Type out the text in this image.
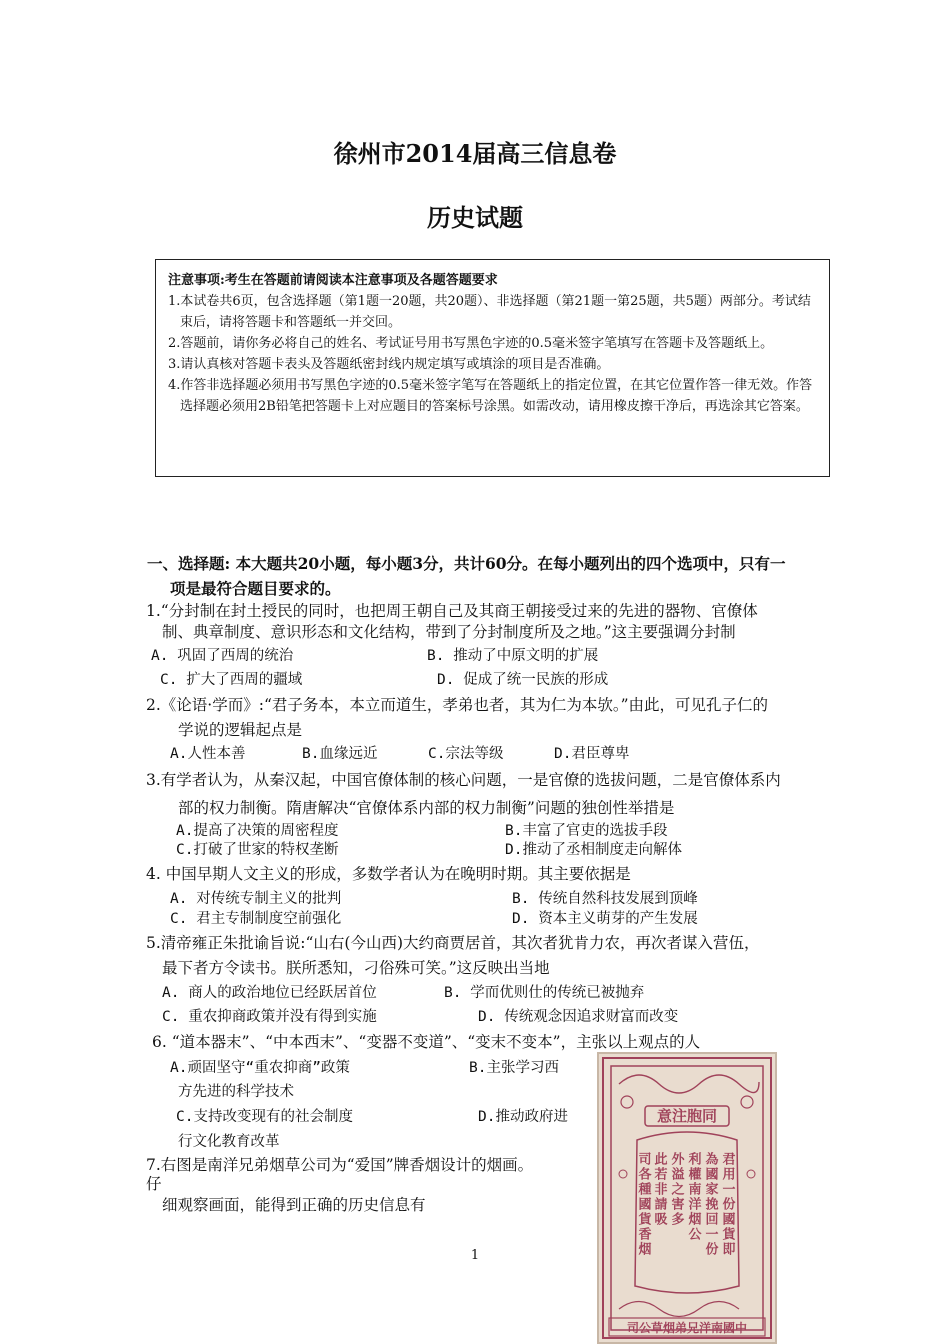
徐州市2014届高三信息卷
历史试题
注意事项:考生在答题前请阅读本注意事项及各题答题要求
1.本试卷共6页，包含选择题（第1题一20题，共20题）、非选择题（第21题一第25题，共5题）两部分。考试结束后，请将答题卡和答题纸一并交回。
2.答题前，请你务必将自己的姓名、考试证号用书写黑色字迹的0.5毫米签字笔填写在答题卡及答题纸上。
3.请认真核对答题卡表头及答题纸密封线内规定填写或填涂的项目是否准确。
4.作答非选择题必须用书写黑色字迹的0.5毫米签字笔写在答题纸上的指定位置，在其它位置作答一律无效。作答选择题必须用2B铅笔把答题卡上对应题目的答案标号涂黑。如需改动，请用橡皮擦干净后，再选涂其它答案。
一、选择题: 本大题共20小题，每小题3分，共计60分。在每小题列出的四个选项中，只有一
项是最符合题目要求的。
1.“分封制在封土授民的同时，也把周王朝自己及其商王朝接受过来的先进的器物、官僚体
制、典章制度、意识形态和文化结构，带到了分封制度所及之地。”这主要强调分封制
A. 巩固了西周的统治	B. 推动了中原文明的扩展
C. 扩大了西周的疆域	D. 促成了统一民族的形成
2.《论语·学而》:“君子务本，本立而道生，孝弟也者，其为仁为本欤。”由此，可见孔子仁的
学说的逻辑起点是
A.人性本善	B.血缘远近	C.宗法等级	D.君臣尊卑
3.有学者认为，从秦汉起，中国官僚体制的核心问题，一是官僚的选拔问题，二是官僚体系内
部的权力制衡。隋唐解决“官僚体系内部的权力制衡”问题的独创性举措是
A.提高了决策的周密程度	B.丰富了官吏的选拔手段
C.打破了世家的特权垄断	D.推动了丞相制度走向解体
4. 中国早期人文主义的形成，多数学者认为在晚明时期。其主要依据是
A. 对传统专制主义的批判	B. 传统自然科技发展到顶峰
C. 君主专制制度空前强化	D. 资本主义萌芽的产生发展
5.清帝雍正朱批谕旨说:“山右(今山西)大约商贾居首，其次者犹肯力农，再次者谋入营伍，
最下者方令读书。朕所悉知，刁俗殊可笑。”这反映出当地
A. 商人的政治地位已经跃居首位	B. 学而优则仕的传统已被抛弃
C. 重农抑商政策并没有得到实施	D. 传统观念因追求财富而改变
6. “道本器末”、“中本西末”、“变器不变道”、“变末不变本”，主张以上观点的人
A.顽固坚守“重农抑商”政策	B.主张学习西
方先进的科学技术
C.支持改变现有的社会制度	D.推动政府进
行文化教育改革
7.右图是南洋兄弟烟草公司为“爱国”牌香烟设计的烟画。
仔
细观察画面，能得到正确的历史信息有
1
意注胞同
君用一份國貨即
為國家挽回一份
利權南洋烟公
外溢之害多
此若非請吸
司各種國貨香烟
司公草烟弟兄洋南國中
